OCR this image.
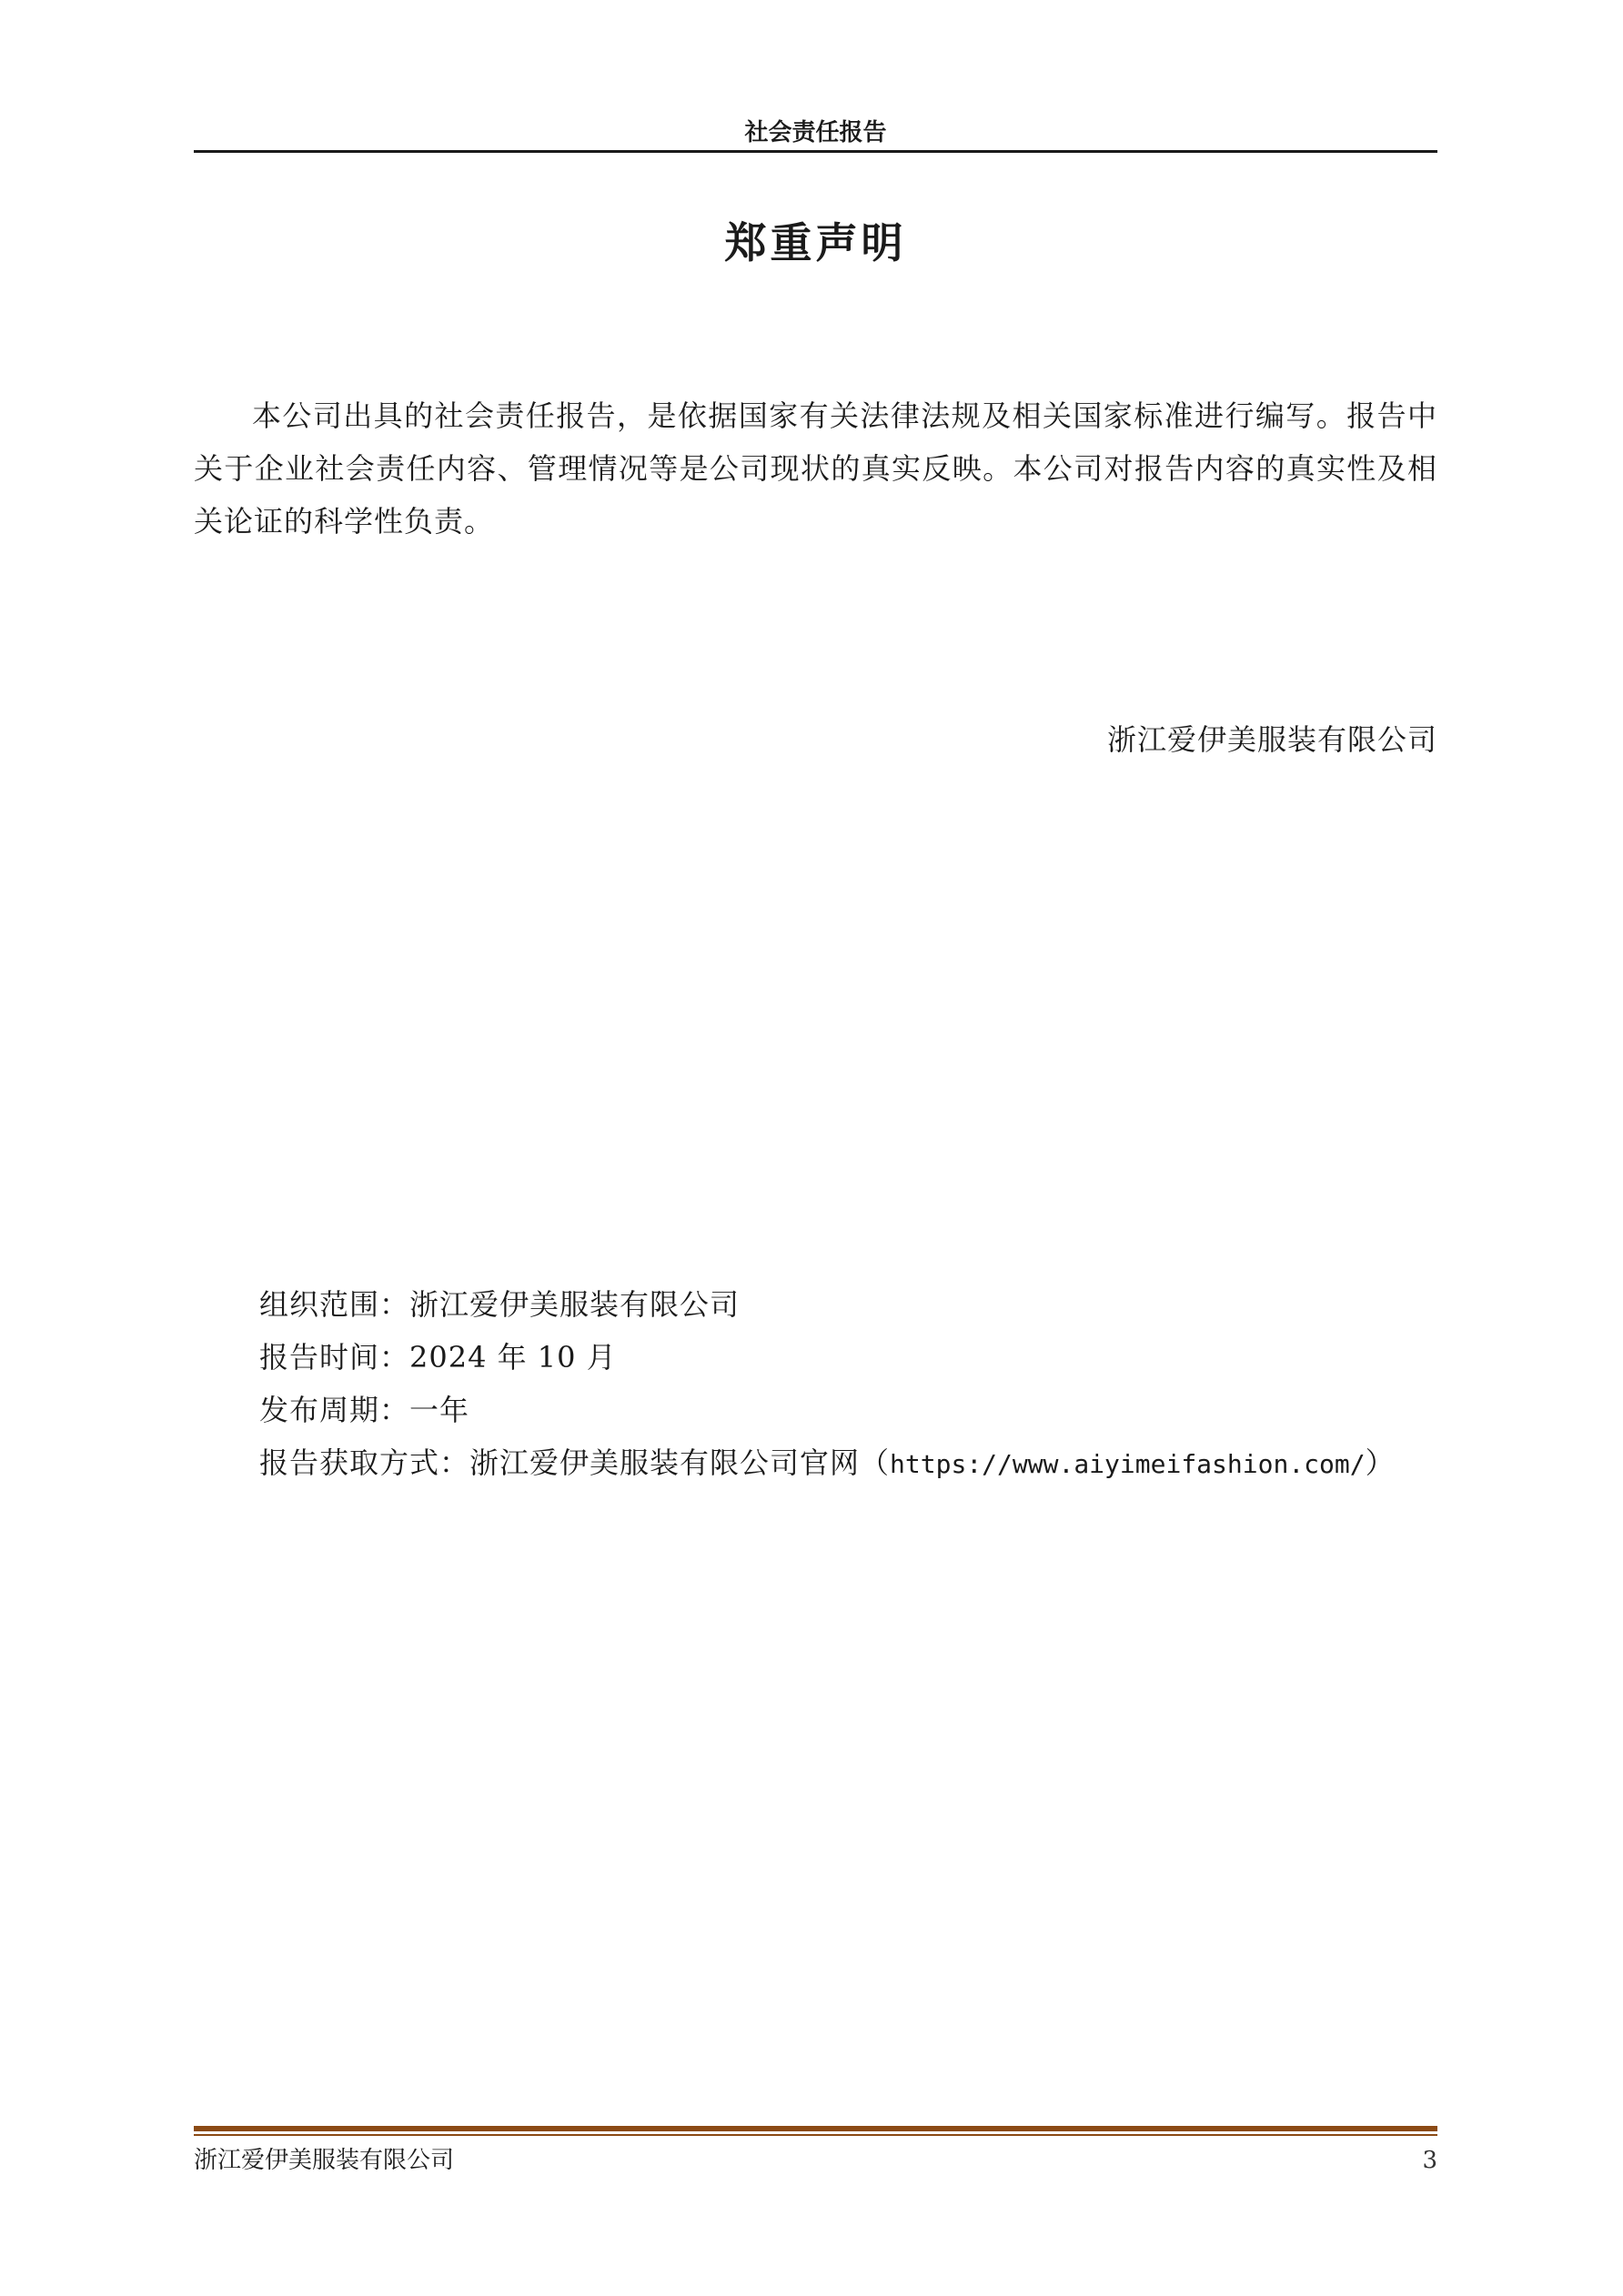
社会责任报告
郑重声明

本公司出具的社会责任报告，是依据国家有关法律法规及相关国家标准进行编写。报告中关于企业社会责任内容、管理情况等是公司现状的真实反映。本公司对报告内容的真实性及相关论证的科学性负责。

浙江爱伊美服装有限公司
组织范围：浙江爱伊美服装有限公司
报告时间：2024 年 10 月
发布周期：一年
报告获取方式：浙江爱伊美服装有限公司官网（https://www.aiyimeifashion.com/）
浙江爱伊美服装有限公司	3
